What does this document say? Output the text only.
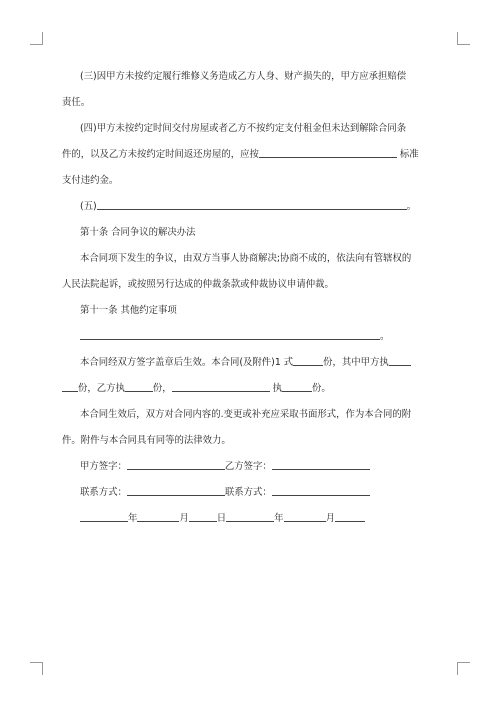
(三)因甲方未按约定履行维修义务造成乙方人身、财产损失的，甲方应承担赔偿
责任。
(四)甲方未按约定时间交付房屋或者乙方不按约定支付租金但未达到解除合同条
件的，以及乙方未按约定时间返还房屋的，应按	标准
支付违约金。
(五)	。
第十条 合同争议的解决办法
本合同项下发生的争议，由双方当事人协商解决;协商不成的，依法向有管辖权的
人民法院起诉，或按照另行达成的仲裁条款或仲裁协议申请仲裁。
第十一条 其他约定事项
。
本合同经双方签字盖章后生效。本合同(及附件)1 式	份，其中甲方执
份，乙方执	份，	执	份。
本合同生效后，双方对合同内容的.变更或补充应采取书面形式，作为本合同的附
件。附件与本合同具有同等的法律效力。
甲方签字：	乙方签字：
联系方式：	联系方式：
年	月	日	年	月
